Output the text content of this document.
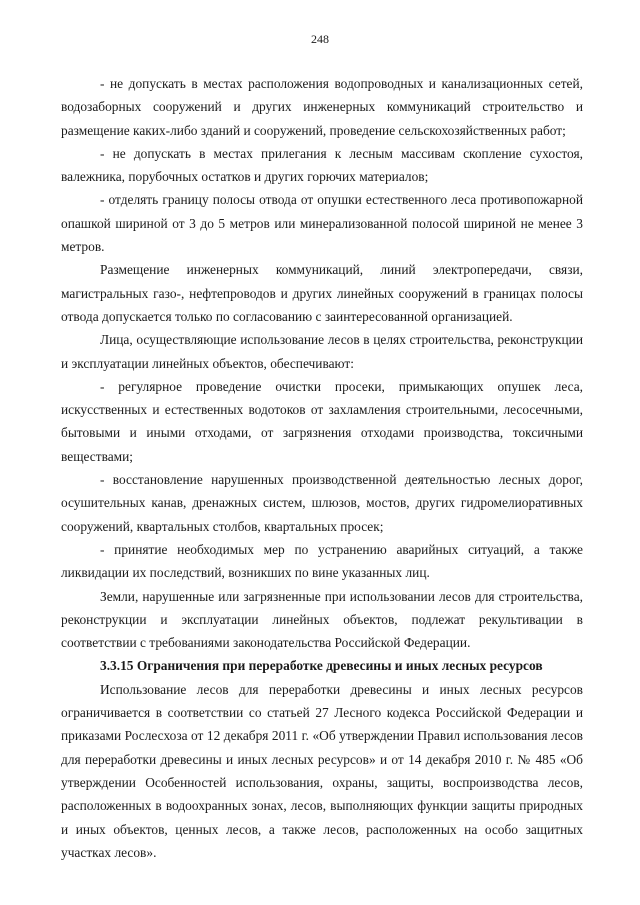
248

- не допускать в местах расположения водопроводных и канализационных сетей, водозаборных сооружений и других инженерных коммуникаций строительство и размещение каких-либо зданий и сооружений, проведение сельскохозяйственных работ;

- не допускать в местах прилегания к лесным массивам скопление сухостоя, валежника, порубочных остатков и других горючих материалов;

- отделять границу полосы отвода от опушки естественного леса противопожарной опашкой шириной от 3 до 5 метров или минерализованной полосой шириной не менее 3 метров.

Размещение инженерных коммуникаций, линий электропередачи, связи, магистральных газо-, нефтепроводов и других линейных сооружений в границах полосы отвода допускается только по согласованию с заинтересованной организацией.

Лица, осуществляющие использование лесов в целях строительства, реконструкции и эксплуатации линейных объектов, обеспечивают:

- регулярное проведение очистки просеки, примыкающих опушек леса, искусственных и естественных водотоков от захламления строительными, лесосечными, бытовыми и иными отходами, от загрязнения отходами производства, токсичными веществами;

- восстановление нарушенных производственной деятельностью лесных дорог, осушительных канав, дренажных систем, шлюзов, мостов, других гидромелиоративных сооружений, квартальных столбов, квартальных просек;

- принятие необходимых мер по устранению аварийных ситуаций, а также ликвидации их последствий, возникших по вине указанных лиц.

Земли, нарушенные или загрязненные при использовании лесов для строительства, реконструкции и эксплуатации линейных объектов, подлежат рекультивации в соответствии с требованиями законодательства Российской Федерации.

3.3.15 Ограничения при переработке древесины и иных лесных ресурсов

Использование лесов для переработки древесины и иных лесных ресурсов ограничивается в соответствии со статьей 27 Лесного кодекса Российской Федерации и приказами Рослесхоза от 12 декабря 2011 г. «Об утверждении Правил использования лесов для переработки древесины и иных лесных ресурсов» и от 14 декабря 2010 г. № 485 «Об утверждении Особенностей использования, охраны, защиты, воспроизводства лесов, расположенных в водоохранных зонах, лесов, выполняющих функции защиты природных и иных объектов, ценных лесов, а также лесов, расположенных на особо защитных участках лесов».
